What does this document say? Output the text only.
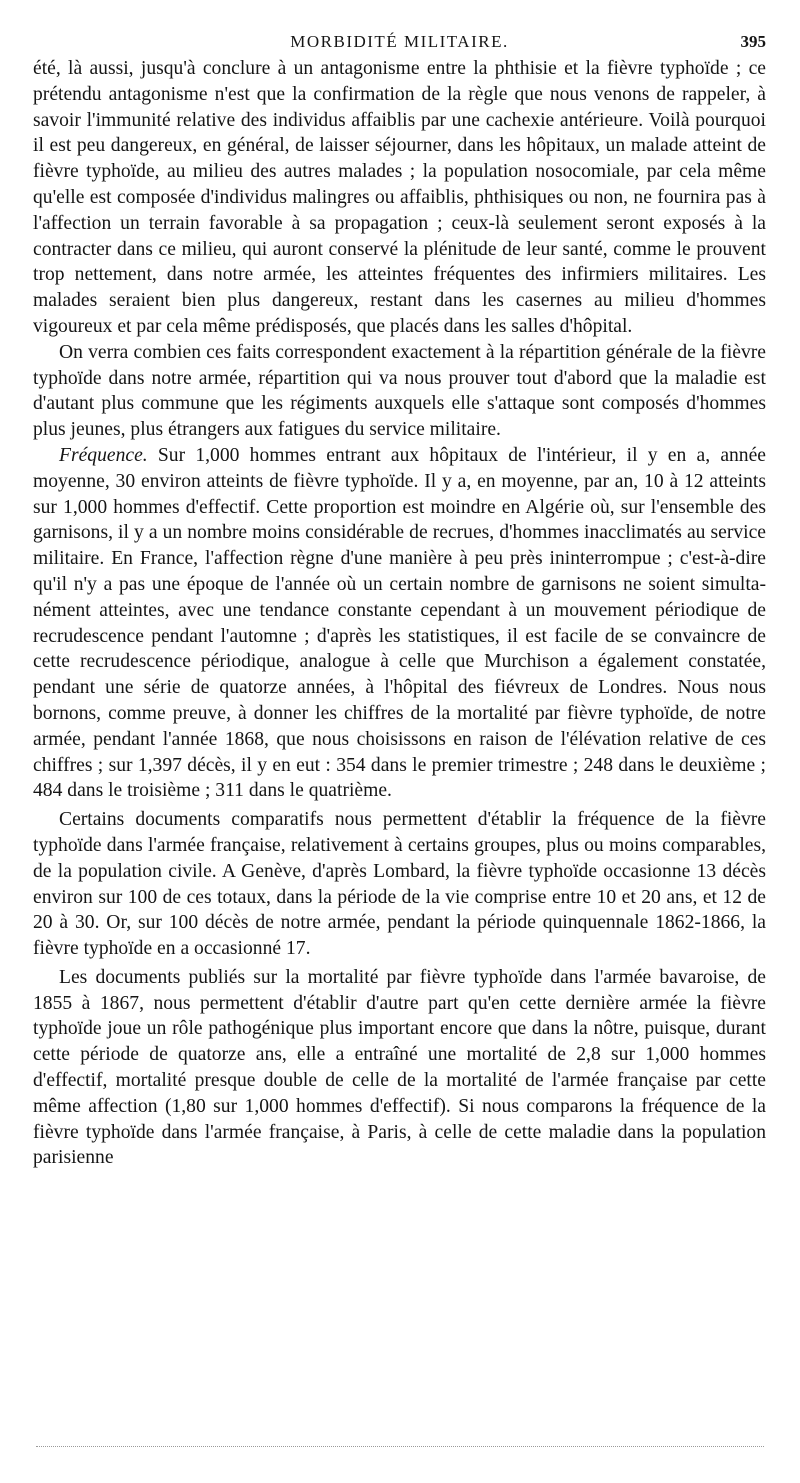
MORBIDITÉ MILITAIRE.	395

été, là aussi, jusqu'à conclure à un antagonisme entre la phthisie et la fièvre typhoïde ; ce prétendu antagonisme n'est que la confirmation de la règle que nous venons de rappeler, à savoir l'immunité relative des individus affaiblis par une cachexie antérieure. Voilà pourquoi il est peu dangereux, en général, de laisser séjourner, dans les hôpitaux, un malade atteint de fièvre typhoïde, au milieu des autres malades ; la population nosocomiale, par cela même qu'elle est composée d'individus malingres ou affaiblis, phthisiques ou non, ne fournira pas à l'affection un terrain favorable à sa propagation ; ceux-là seulement seront exposés à la contracter dans ce milieu, qui auront conservé la plénitude de leur santé, comme le prouvent trop nettement, dans notre armée, les atteintes fréquentes des infirmiers militaires. Les malades seraient bien plus dangereux, restant dans les casernes au milieu d'hommes vigoureux et par cela même prédisposés, que placés dans les salles d'hôpital.

On verra combien ces faits correspondent exactement à la répartition générale de la fièvre typhoïde dans notre armée, répartition qui va nous prouver tout d'abord que la maladie est d'autant plus commune que les régiments auxquels elle s'attaque sont composés d'hommes plus jeunes, plus étrangers aux fatigues du service militaire.

Fréquence. Sur 1,000 hommes entrant aux hôpitaux de l'intérieur, il y en a, année moyenne, 30 environ atteints de fièvre typhoïde. Il y a, en moyenne, par an, 10 à 12 atteints sur 1,000 hommes d'effectif. Cette proportion est moindre en Algérie où, sur l'ensemble des garnisons, il y a un nombre moins considérable de recrues, d'hommes inacclimatés au service militaire. En France, l'affection règne d'une manière à peu près ininterrompue ; c'est-à-dire qu'il n'y a pas une époque de l'année où un certain nombre de garnisons ne soient simultanément atteintes, avec une tendance constante cependant à un mouvement périodique de recrudescence pendant l'automne ; d'après les statistiques, il est facile de se convaincre de cette recrudescence périodique, analogue à celle que Murchison a également constatée, pendant une série de quatorze années, à l'hôpital des fiévreux de Londres. Nous nous bornons, comme preuve, à donner les chiffres de la mortalité par fièvre typhoïde, de notre armée, pendant l'année 1868, que nous choisissons en raison de l'élévation relative de ces chiffres ; sur 1,397 décès, il y en eut : 354 dans le premier trimestre ; 248 dans le deuxième ; 484 dans le troisième ; 311 dans le quatrième.

Certains documents comparatifs nous permettent d'établir la fréquence de la fièvre typhoïde dans l'armée française, relativement à certains groupes, plus ou moins comparables, de la population civile. A Genève, d'après Lombard, la fièvre typhoïde occasionne 13 décès environ sur 100 de ces totaux, dans la période de la vie comprise entre 10 et 20 ans, et 12 de 20 à 30. Or, sur 100 décès de notre armée, pendant la période quinquennale 1862-1866, la fièvre typhoïde en a occasionné 17.

Les documents publiés sur la mortalité par fièvre typhoïde dans l'armée bavaroise, de 1855 à 1867, nous permettent d'établir d'autre part qu'en cette dernière armée la fièvre typhoïde joue un rôle pathogénique plus important encore que dans la nôtre, puisque, durant cette période de quatorze ans, elle a entraîné une mortalité de 2,8 sur 1,000 hommes d'effectif, mortalité presque double de celle de la mortalité de l'armée française par cette même affection (1,80 sur 1,000 hommes d'effectif). Si nous comparons la fréquence de la fièvre typhoïde dans l'armée française, à Paris, à celle de cette maladie dans la population parisienne
